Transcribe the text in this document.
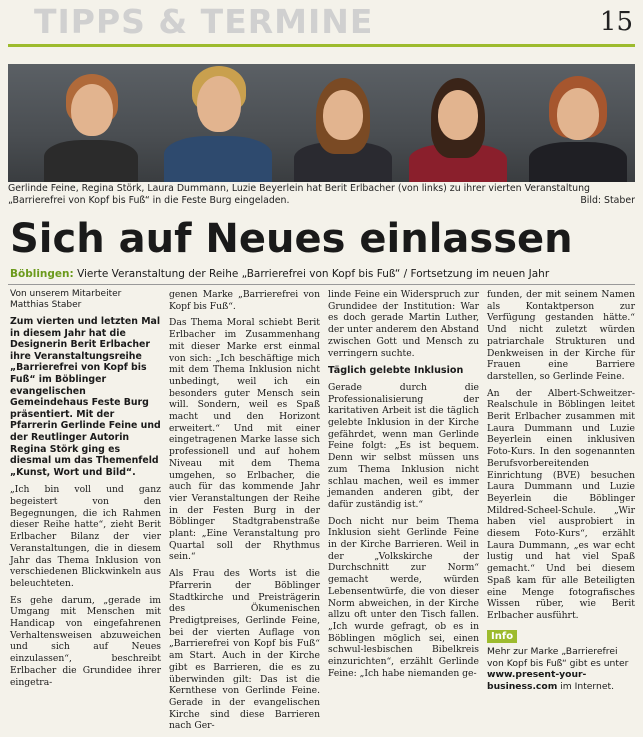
TIPPS & TERMINE	15
Gerlinde Feine, Regina Störk, Laura Dummann, Luzie Beyerlein hat Berit Erlbacher (von links) zu ihrer vierten Veranstaltung „Barrierefrei von Kopf bis Fuß“ in die Feste Burg eingeladen.	Bild: Staber
Sich auf Neues einlassen
Böblingen: Vierte Veranstaltung der Reihe „Barrierefrei von Kopf bis Fuß“ / Fortsetzung im neuen Jahr
Von unserem Mitarbeiter
Matthias Staber
Zum vierten und letzten Mal in diesem Jahr hat die Designerin Berit Erlbacher ihre Veranstaltungsreihe „Barrierefrei von Kopf bis Fuß“ im Böblinger evangelischen Gemeindehaus Feste Burg präsentiert. Mit der Pfarrerin Gerlinde Feine und der Reutlinger Autorin Regina Störk ging es diesmal um das Themenfeld „Kunst, Wort und Bild“.

„Ich bin voll und ganz begeistert von den Begegnungen, die ich Rahmen dieser Reihe hatte“, zieht Berit Erlbacher Bilanz der vier Veranstaltungen, die in diesem Jahr das Thema Inklusion von verschiedenen Blickwinkeln aus beleuchteten.

Es gehe darum, „gerade im Umgang mit Menschen mit Handicap von eingefahrenen Verhaltensweisen abzuweichen und sich auf Neues einzulassen“, beschreibt Erlbacher die Grundidee ihrer eingetra-

genen Marke „Barrierefrei von Kopf bis Fuß“.

Das Thema Moral schiebt Berit Erlbacher im Zusammenhang mit dieser Marke erst einmal von sich: „Ich beschäftige mich mit dem Thema Inklusion nicht unbedingt, weil ich ein besonders guter Mensch sein will. Sondern, weil es Spaß macht und den Horizont erweitert.“ Und mit einer eingetragenen Marke lasse sich professionell und auf hohem Niveau mit dem Thema umgehen, so Erlbacher, die auch für das kommende Jahr vier Veranstaltungen der Reihe in der Festen Burg in der Böblinger Stadtgrabenstraße plant: „Eine Veranstaltung pro Quartal soll der Rhythmus sein.“

Als Frau des Worts ist die Pfarrerin der Böblinger Stadtkirche und Preisträgerin des Ökumenischen Predigtpreises, Gerlinde Feine, bei der vierten Auflage von „Barrierefrei von Kopf bis Fuß“ am Start. Auch in der Kirche gibt es Barrieren, die es zu überwinden gilt: Das ist die Kernthese von Gerlinde Feine. Gerade in der evangelischen Kirche sind diese Barrieren nach Ger-

linde Feine ein Widerspruch zur Grundidee der Institution: War es doch gerade Martin Luther, der unter anderem den Abstand zwischen Gott und Mensch zu verringern suchte.

Täglich gelebte Inklusion

Gerade durch die Professionalisierung der karitativen Arbeit ist die täglich gelebte Inklusion in der Kirche gefährdet, wenn man Gerlinde Feine folgt: „Es ist bequem. Denn wir selbst müssen uns zum Thema Inklusion nicht schlau machen, weil es immer jemanden anderen gibt, der dafür zuständig ist.“

Doch nicht nur beim Thema Inklusion sieht Gerlinde Feine in der Kirche Barrieren. Weil in der „Volkskirche der Durchschnitt zur Norm“ gemacht werde, würden Lebensentwürfe, die von dieser Norm abweichen, in der Kirche allzu oft unter den Tisch fallen. „Ich wurde gefragt, ob es in Böblingen möglich sei, einen schwul-lesbischen Bibelkreis einzurichten“, erzählt Gerlinde Feine: „Ich habe niemanden ge-

funden, der mit seinem Namen als Kontaktperson zur Verfügung gestanden hätte.“ Und nicht zuletzt würden patriarchale Strukturen und Denkweisen in der Kirche für Frauen eine Barriere darstellen, so Gerlinde Feine.

An der Albert-Schweitzer-Realschule in Böblingen leitet Berit Erlbacher zusammen mit Laura Dummann und Luzie Beyerlein einen inklusiven Foto-Kurs. In den sogenannten Berufsvorbereitenden Einrichtung (BVE) besuchen Laura Dummann und Luzie Beyerlein die Böblinger Mildred-Scheel-Schule. „Wir haben viel ausprobiert in diesem Foto-Kurs“, erzählt Laura Dummann, „es war echt lustig und hat viel Spaß gemacht.“ Und bei diesem Spaß kam für alle Beteiligten eine Menge fotografisches Wissen rüber, wie Berit Erlbacher ausführt.

Info
Mehr zur Marke „Barrierefrei von Kopf bis Fuß“ gibt es unter www.present-your-business.com im Internet.
